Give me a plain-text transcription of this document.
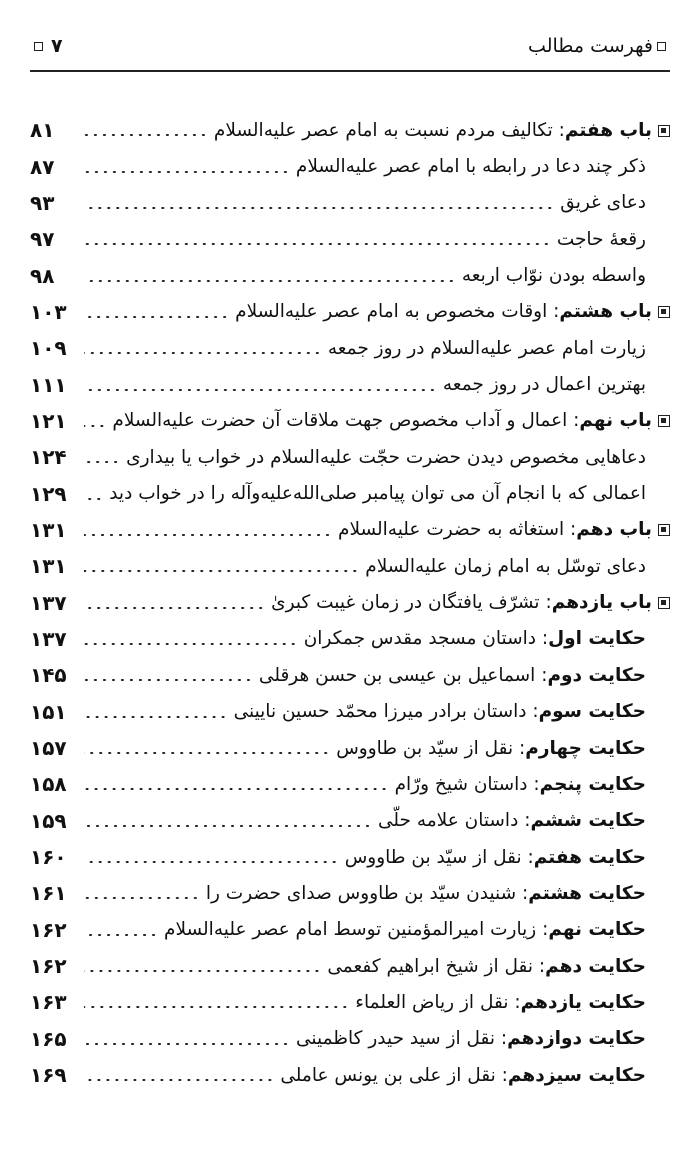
۷	فهرست مطالب
باب هفتم: تکالیف مردم نسبت به امام عصر علیه‌السلام
۸۱
ذکر چند دعا در رابطه با امام عصر علیه‌السلام
۸۷
دعای غریق
۹۳
رقعهٔ حاجت
۹۷
واسطه بودن نوّاب اربعه
۹۸
باب هشتم: اوقات مخصوص به امام عصر علیه‌السلام
۱۰۳
زیارت امام عصر علیه‌السلام در روز جمعه
۱۰۹
بهترین اعمال در روز جمعه
۱۱۱
باب نهم: اعمال و آداب مخصوص جهت ملاقات آن حضرت علیه‌السلام
۱۲۱
دعاهایی مخصوص دیدن حضرت حجّت علیه‌السلام در خواب یا بیداری
۱۲۴
اعمالی که با انجام آن می توان پیامبر صلی‌الله‌علیه‌وآله را در خواب دید
۱۲۹
باب دهم: استغاثه به حضرت علیه‌السلام
۱۳۱
دعای توسّل به امام زمان علیه‌السلام
۱۳۱
باب یازدهم: تشرّف یافتگان در زمان غیبت کبریٰ
۱۳۷
حکایت اول: داستان مسجد مقدس جمکران
۱۳۷
حکایت دوم: اسماعیل بن عیسی بن حسن هرقلی
۱۴۵
حکایت سوم: داستان برادر میرزا محمّد حسین نایینی
۱۵۱
حکایت چهارم: نقل از سیّد بن طاووس
۱۵۷
حکایت پنجم: داستان شیخ ورّام
۱۵۸
حکایت ششم: داستان علامه حلّی
۱۵۹
حکایت هفتم: نقل از سیّد بن طاووس
۱۶۰
حکایت هشتم: شنیدن سیّد بن طاووس صدای حضرت را
۱۶۱
حکایت نهم: زیارت امیرالمؤمنین توسط امام عصر علیه‌السلام
۱۶۲
حکایت دهم: نقل از شیخ ابراهیم کفعمی
۱۶۲
حکایت یازدهم: نقل از ریاض العلماء
۱۶۳
حکایت دوازدهم: نقل از سید حیدر کاظمینی
۱۶۵
حکایت سیزدهم: نقل از علی بن یونس عاملی
۱۶۹
